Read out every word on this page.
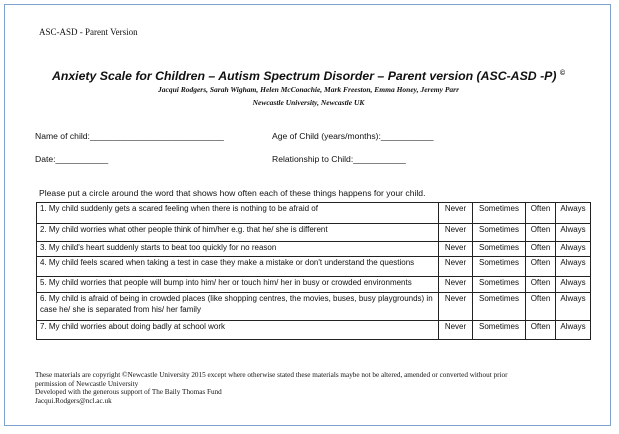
ASC-ASD - Parent Version
Anxiety Scale for Children – Autism Spectrum Disorder – Parent version (ASC-ASD -P) ©
Jacqui Rodgers, Sarah Wigham, Helen McConachie, Mark Freeston, Emma Honey, Jeremy Parr
Newcastle University, Newcastle UK
Name of child:____________________________	Age of Child (years/months):___________
Date:___________	Relationship to Child:___________
Please put a circle around the word that shows how often each of these things happens for your child.
1. My child suddenly gets a scared feeling when there is nothing to be afraid of	Never	Sometimes	Often	Always
2. My child worries what other people think of him/her e.g. that he/ she is different	Never	Sometimes	Often	Always
3. My child's heart suddenly starts to beat too quickly for no reason	Never	Sometimes	Often	Always
4. My child feels scared when taking a test in case they make a mistake or don't understand the questions	Never	Sometimes	Often	Always
5. My child worries that people will bump into him/ her or touch him/ her in busy or crowded environments	Never	Sometimes	Often	Always
6. My child is afraid of being in crowded places (like shopping centres, the movies, buses, busy playgrounds) in case he/ she is separated from his/ her family	Never	Sometimes	Often	Always
7. My child worries about doing badly at school work	Never	Sometimes	Often	Always
These materials are copyright ©Newcastle University 2015 except where otherwise stated these materials maybe not be altered, amended or converted without prior
permission of Newcastle University
Developed with the generous support of The Baily Thomas Fund
Jacqui.Rodgers@ncl.ac.uk
